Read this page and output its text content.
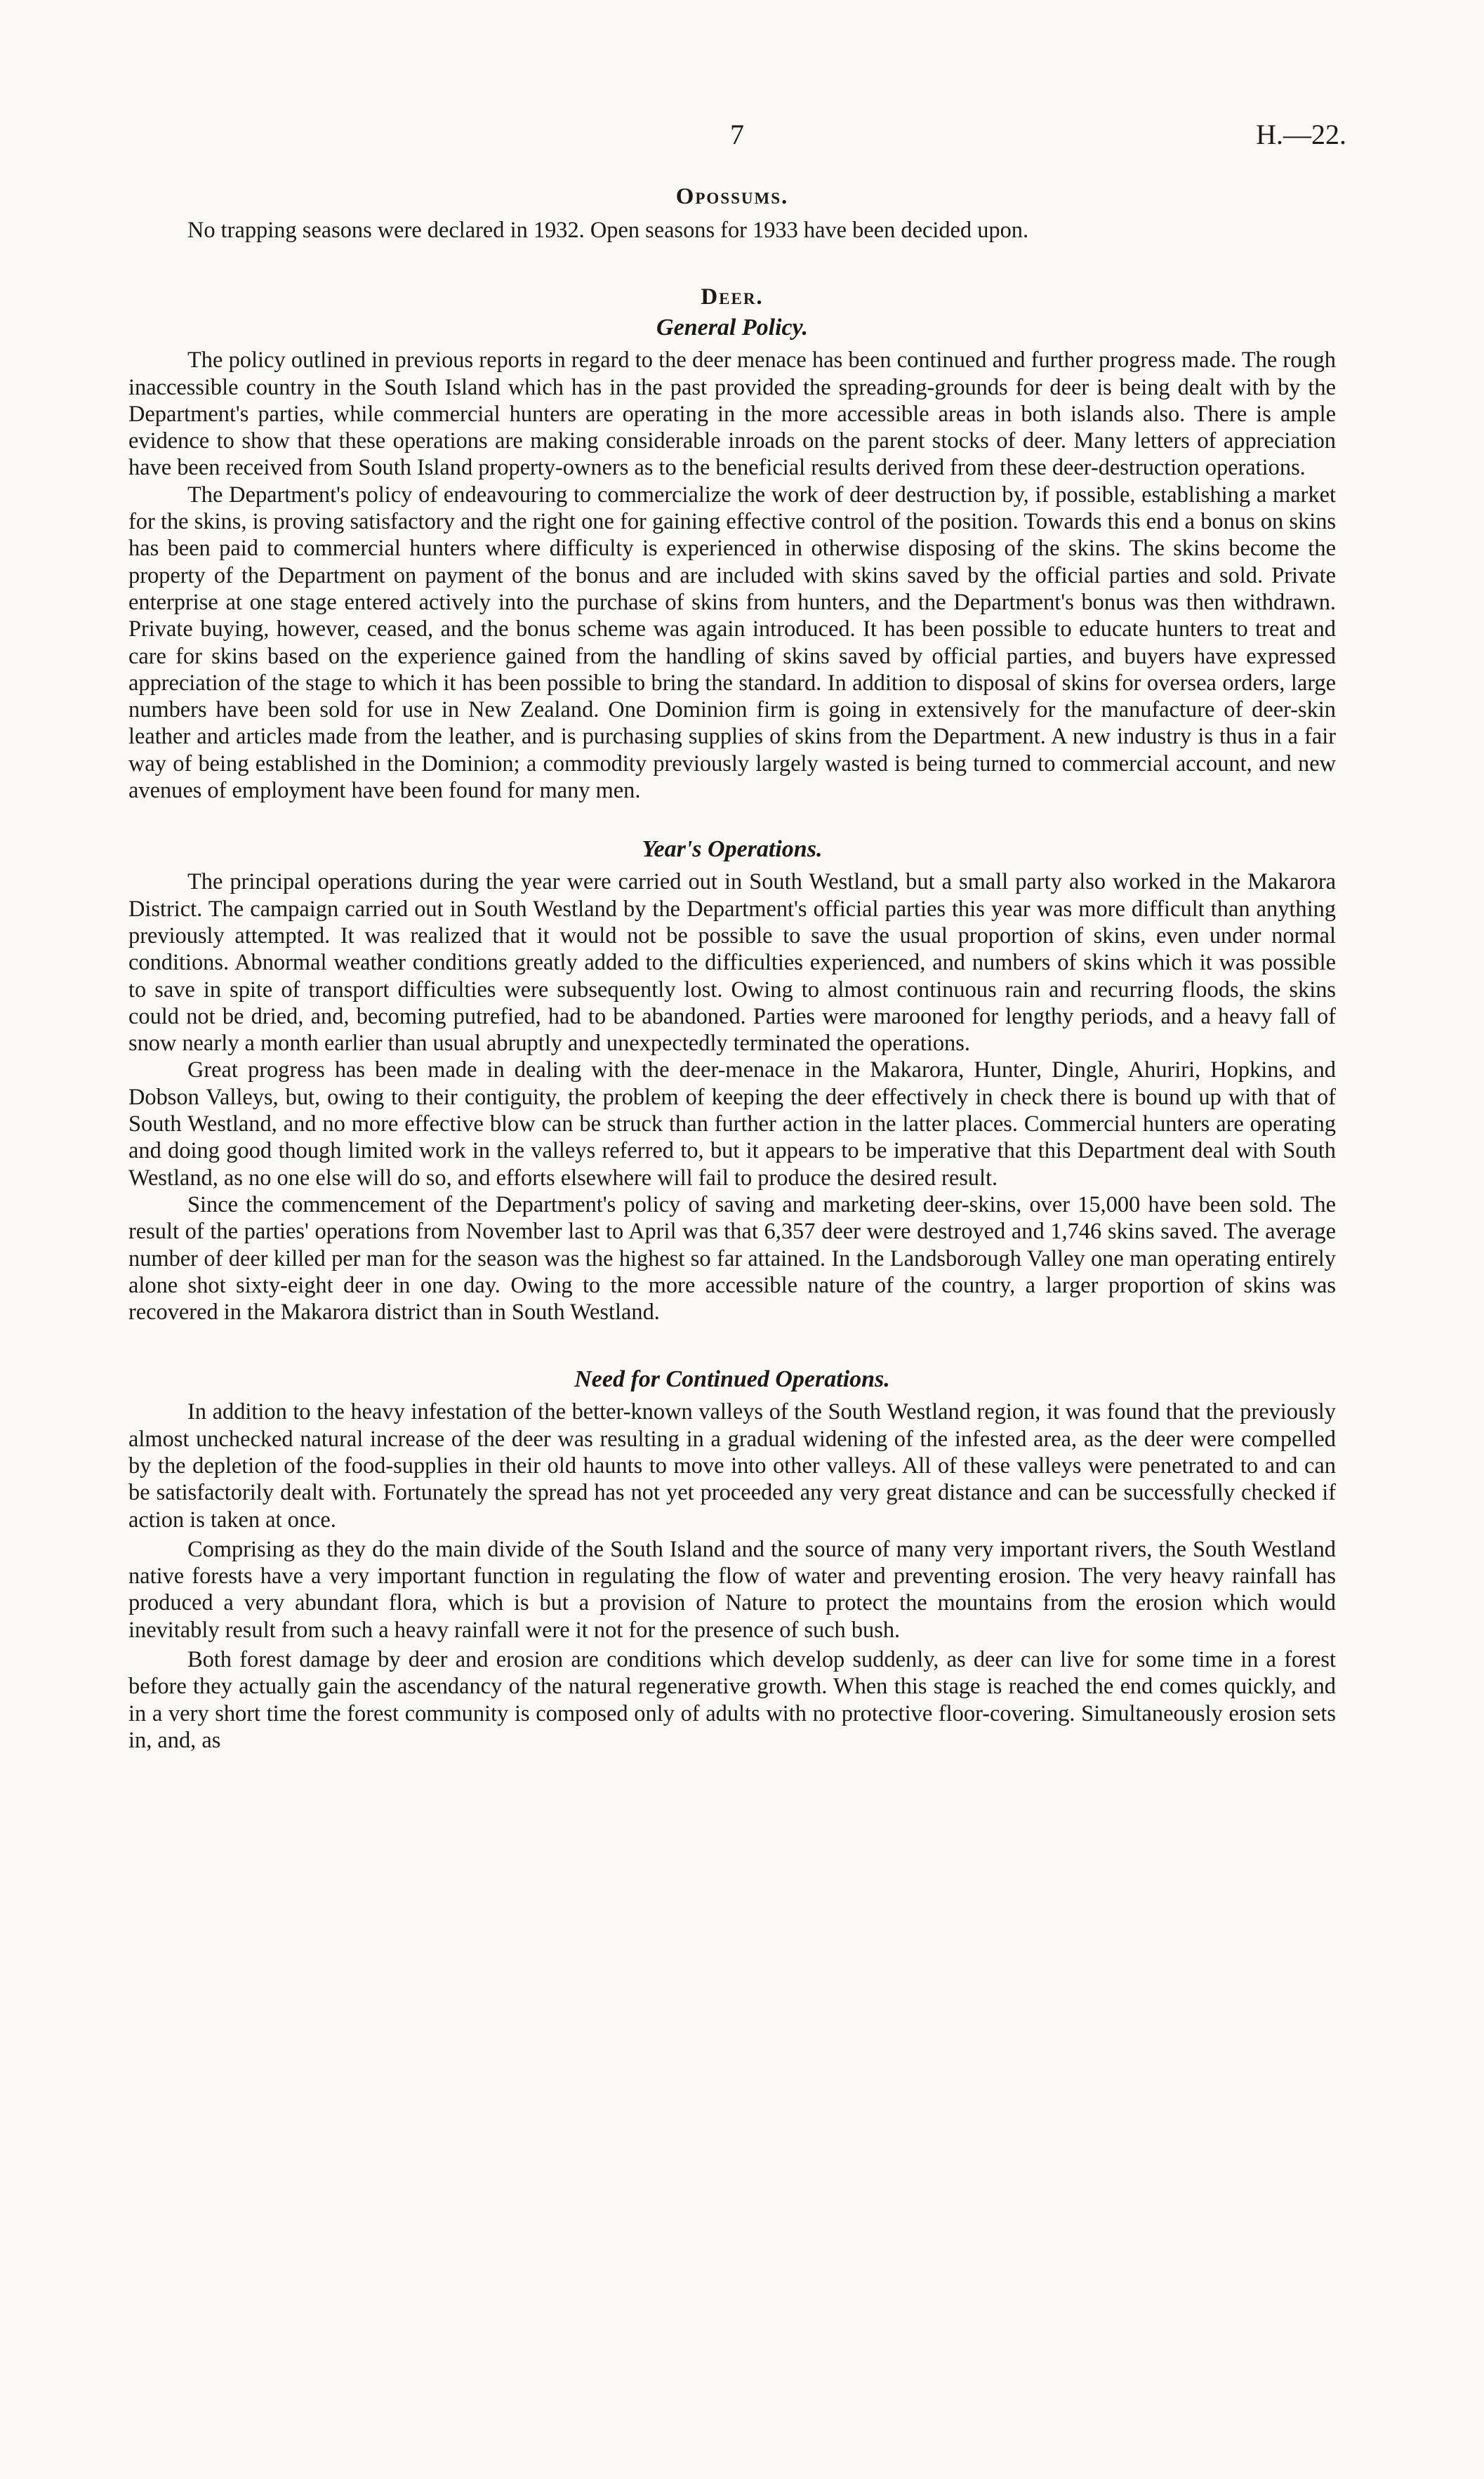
7	H.—22.
Opossums.

No trapping seasons were declared in 1932. Open seasons for 1933 have been decided upon.

Deer.
General Policy.

The policy outlined in previous reports in regard to the deer menace has been continued and further progress made. The rough inaccessible country in the South Island which has in the past provided the spreading-grounds for deer is being dealt with by the Department's parties, while commercial hunters are operating in the more accessible areas in both islands also. There is ample evidence to show that these operations are making considerable inroads on the parent stocks of deer. Many letters of appreciation have been received from South Island property-owners as to the beneficial results derived from these deer-destruction operations.

The Department's policy of endeavouring to commercialize the work of deer destruction by, if possible, establishing a market for the skins, is proving satisfactory and the right one for gaining effective control of the position. Towards this end a bonus on skins has been paid to commercial hunters where difficulty is experienced in otherwise disposing of the skins. The skins become the property of the Department on payment of the bonus and are included with skins saved by the official parties and sold. Private enterprise at one stage entered actively into the purchase of skins from hunters, and the Department's bonus was then withdrawn. Private buying, however, ceased, and the bonus scheme was again introduced. It has been possible to educate hunters to treat and care for skins based on the experience gained from the handling of skins saved by official parties, and buyers have expressed appreciation of the stage to which it has been possible to bring the standard. In addition to disposal of skins for oversea orders, large numbers have been sold for use in New Zealand. One Dominion firm is going in extensively for the manufacture of deer-skin leather and articles made from the leather, and is purchasing supplies of skins from the Department. A new industry is thus in a fair way of being established in the Dominion; a commodity previously largely wasted is being turned to commercial account, and new avenues of employment have been found for many men.

Year's Operations.

The principal operations during the year were carried out in South Westland, but a small party also worked in the Makarora District. The campaign carried out in South Westland by the Department's official parties this year was more difficult than anything previously attempted. It was realized that it would not be possible to save the usual proportion of skins, even under normal conditions. Abnormal weather conditions greatly added to the difficulties experienced, and numbers of skins which it was possible to save in spite of transport difficulties were subsequently lost. Owing to almost continuous rain and recurring floods, the skins could not be dried, and, becoming putrefied, had to be abandoned. Parties were marooned for lengthy periods, and a heavy fall of snow nearly a month earlier than usual abruptly and unexpectedly terminated the operations.

Great progress has been made in dealing with the deer-menace in the Makarora, Hunter, Dingle, Ahuriri, Hopkins, and Dobson Valleys, but, owing to their contiguity, the problem of keeping the deer effectively in check there is bound up with that of South Westland, and no more effective blow can be struck than further action in the latter places. Commercial hunters are operating and doing good though limited work in the valleys referred to, but it appears to be imperative that this Department deal with South Westland, as no one else will do so, and efforts elsewhere will fail to produce the desired result.

Since the commencement of the Department's policy of saving and marketing deer-skins, over 15,000 have been sold. The result of the parties' operations from November last to April was that 6,357 deer were destroyed and 1,746 skins saved. The average number of deer killed per man for the season was the highest so far attained. In the Landsborough Valley one man operating entirely alone shot sixty-eight deer in one day. Owing to the more accessible nature of the country, a larger proportion of skins was recovered in the Makarora district than in South Westland.

Need for Continued Operations.

In addition to the heavy infestation of the better-known valleys of the South Westland region, it was found that the previously almost unchecked natural increase of the deer was resulting in a gradual widening of the infested area, as the deer were compelled by the depletion of the food-supplies in their old haunts to move into other valleys. All of these valleys were penetrated to and can be satisfactorily dealt with. Fortunately the spread has not yet proceeded any very great distance and can be successfully checked if action is taken at once.

Comprising as they do the main divide of the South Island and the source of many very important rivers, the South Westland native forests have a very important function in regulating the flow of water and preventing erosion. The very heavy rainfall has produced a very abundant flora, which is but a provision of Nature to protect the mountains from the erosion which would inevitably result from such a heavy rainfall were it not for the presence of such bush.

Both forest damage by deer and erosion are conditions which develop suddenly, as deer can live for some time in a forest before they actually gain the ascendancy of the natural regenerative growth. When this stage is reached the end comes quickly, and in a very short time the forest community is composed only of adults with no protective floor-covering. Simultaneously erosion sets in, and, as
